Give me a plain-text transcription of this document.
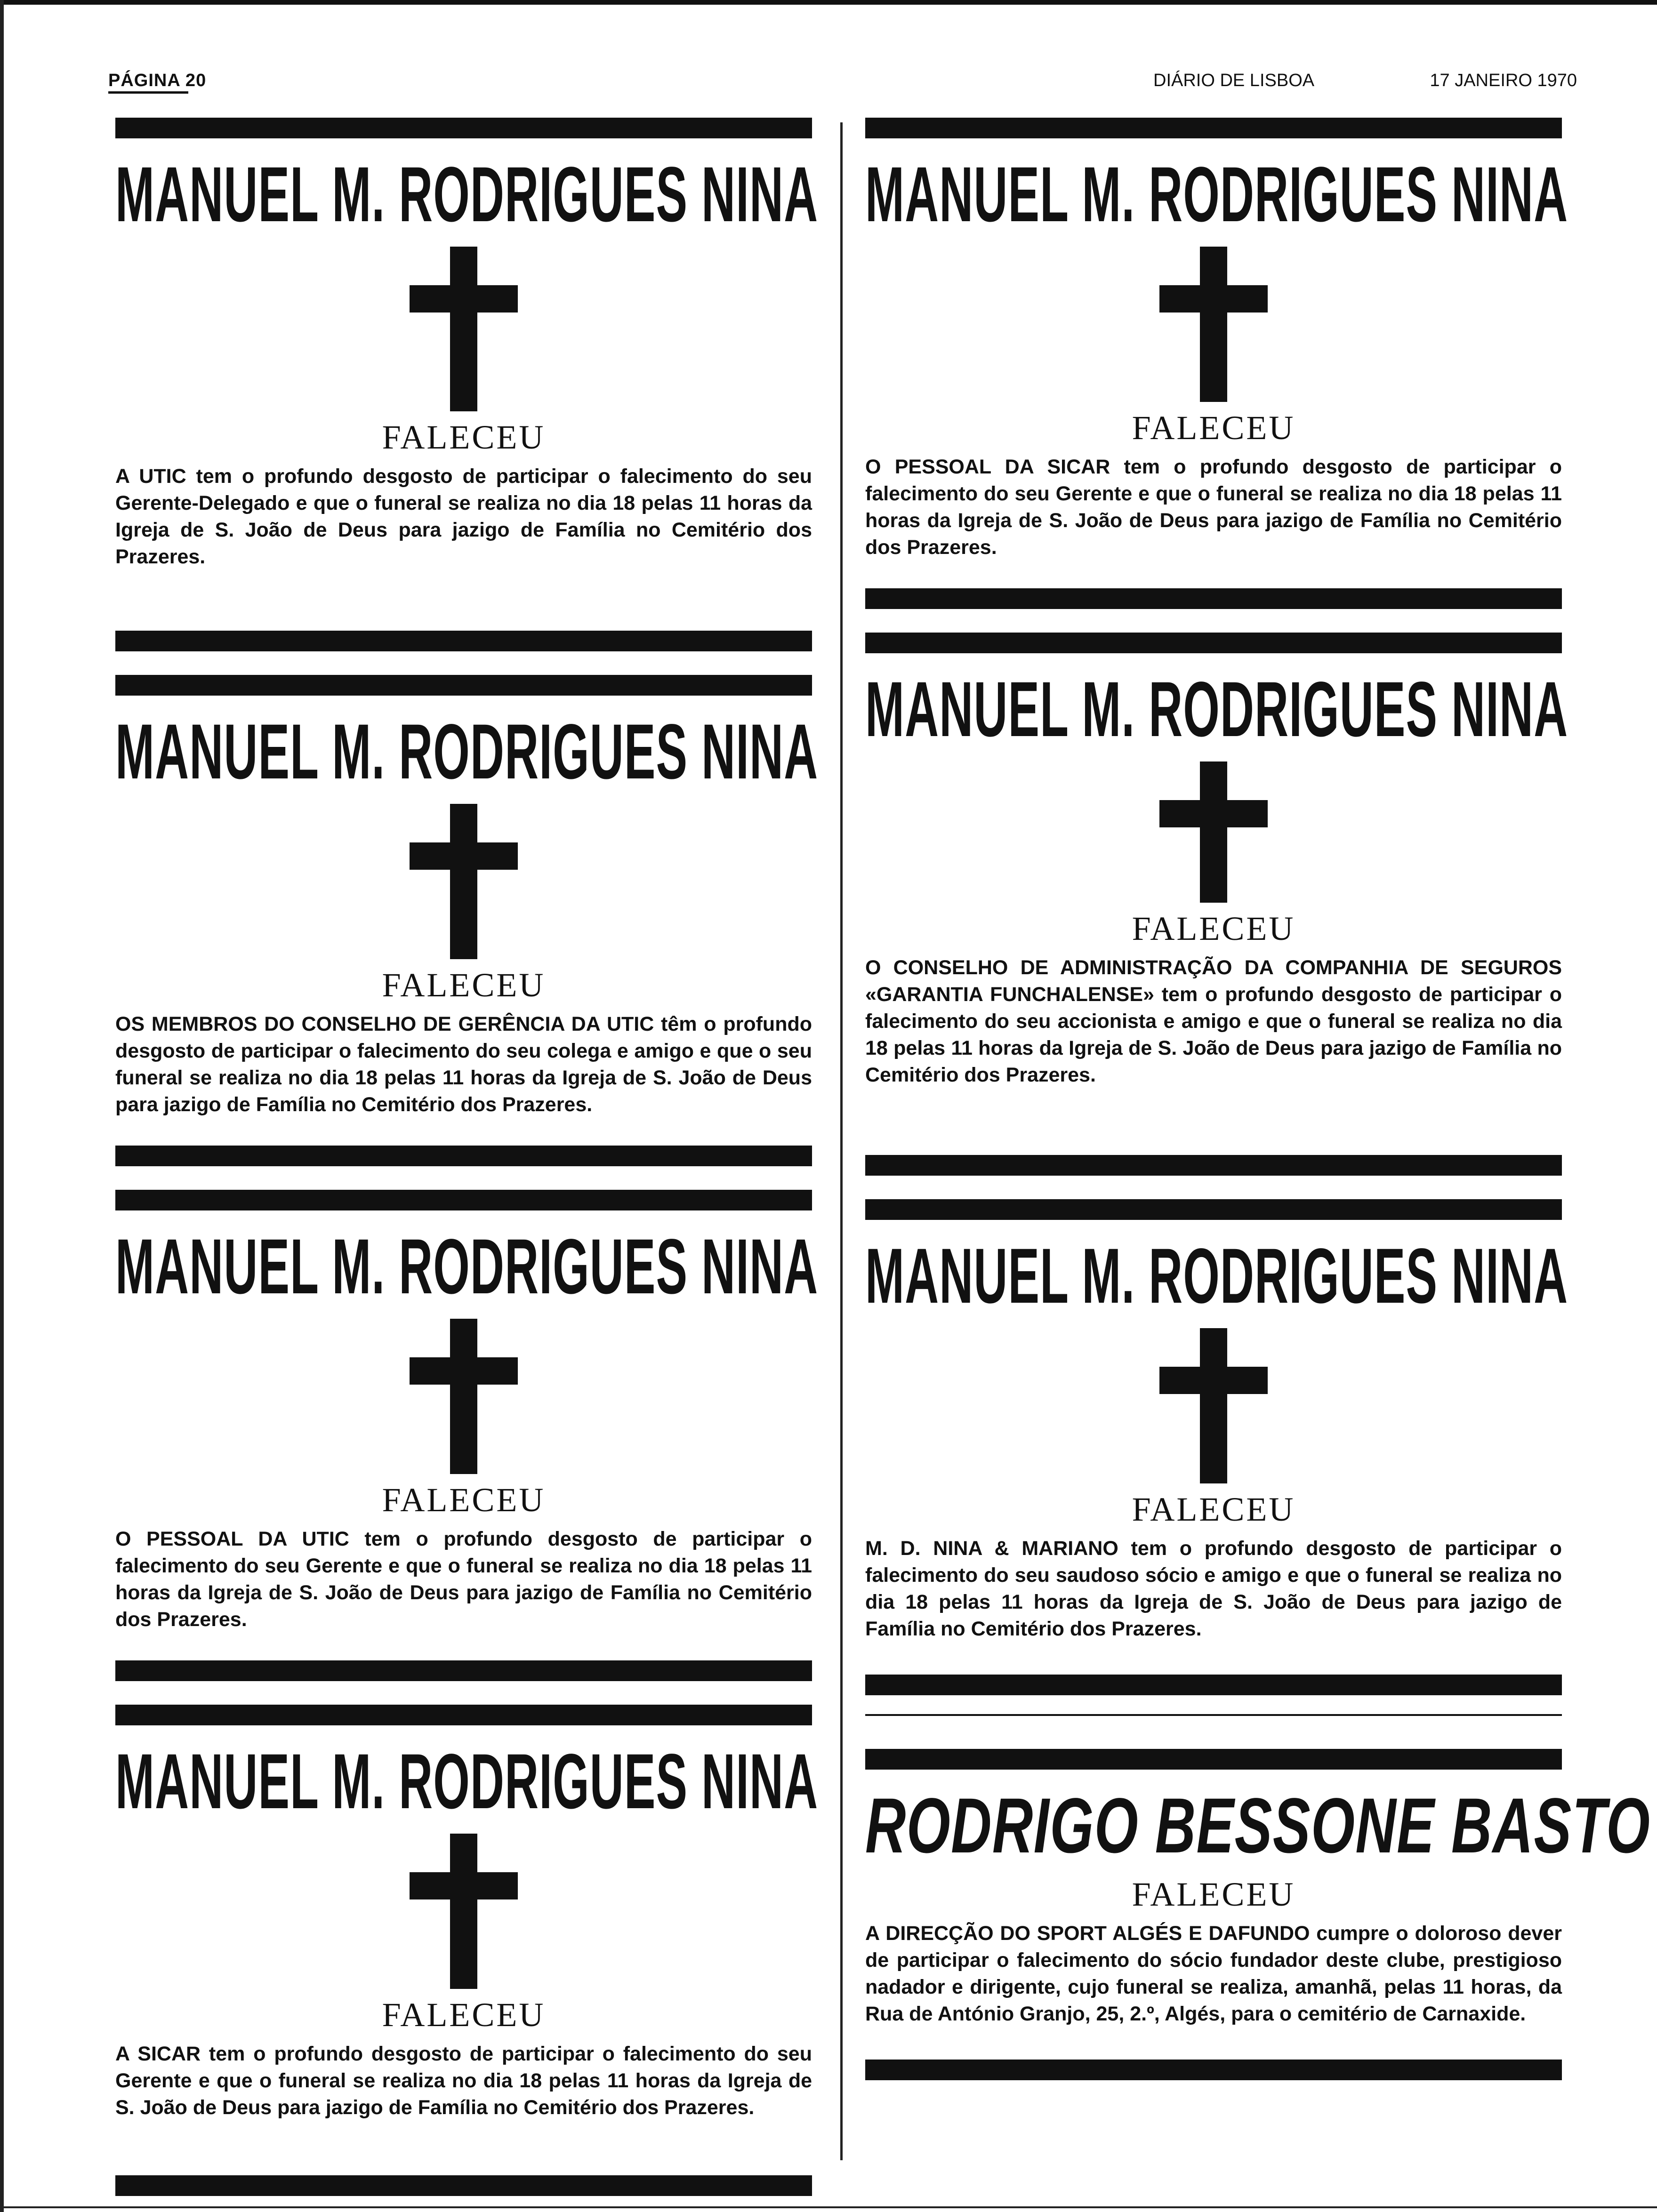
PÁGINA 20	DIÁRIO DE LISBOA	17 JANEIRO 1970
MANUEL M. RODRIGUES NINA
FALECEU
A UTIC tem o profundo desgosto de participar o falecimento do seu Gerente-Delegado e que o funeral se realiza no dia 18 pelas 11 horas da Igreja de S. João de Deus para jazigo de Família no Cemitério dos Prazeres.
MANUEL M. RODRIGUES NINA
FALECEU
OS MEMBROS DO CONSELHO DE GERÊNCIA DA UTIC têm o profundo desgosto de participar o falecimento do seu colega e amigo e que o seu funeral se realiza no dia 18 pelas 11 horas da Igreja de S. João de Deus para jazigo de Família no Cemitério dos Prazeres.
MANUEL M. RODRIGUES NINA
FALECEU
O PESSOAL DA UTIC tem o profundo desgosto de participar o falecimento do seu Gerente e que o funeral se realiza no dia 18 pelas 11 horas da Igreja de S. João de Deus para jazigo de Família no Cemitério dos Prazeres.
MANUEL M. RODRIGUES NINA
FALECEU
A SICAR tem o profundo desgosto de participar o falecimento do seu Gerente e que o funeral se realiza no dia 18 pelas 11 horas da Igreja de S. João de Deus para jazigo de Família no Cemitério dos Prazeres.
MANUEL M. RODRIGUES NINA
FALECEU
O PESSOAL DA SICAR tem o profundo desgosto de participar o falecimento do seu Gerente e que o funeral se realiza no dia 18 pelas 11 horas da Igreja de S. João de Deus para jazigo de Família no Cemitério dos Prazeres.
MANUEL M. RODRIGUES NINA
FALECEU
O CONSELHO DE ADMINISTRAÇÃO DA COMPANHIA DE SEGUROS «GARANTIA FUNCHALENSE» tem o profundo desgosto de participar o falecimento do seu accionista e amigo e que o funeral se realiza no dia 18 pelas 11 horas da Igreja de S. João de Deus para jazigo de Família no Cemitério dos Prazeres.
MANUEL M. RODRIGUES NINA
FALECEU
M. D. NINA & MARIANO tem o profundo desgosto de participar o falecimento do seu saudoso sócio e amigo e que o funeral se realiza no dia 18 pelas 11 horas da Igreja de S. João de Deus para jazigo de Família no Cemitério dos Prazeres.
RODRIGO BESSONE BASTO
FALECEU
A DIRECÇÃO DO SPORT ALGÉS E DAFUNDO cumpre o doloroso dever de participar o falecimento do sócio fundador deste clube, prestigioso nadador e dirigente, cujo funeral se realiza, amanhã, pelas 11 horas, da Rua de António Granjo, 25, 2.º, Algés, para o cemitério de Carnaxide.
